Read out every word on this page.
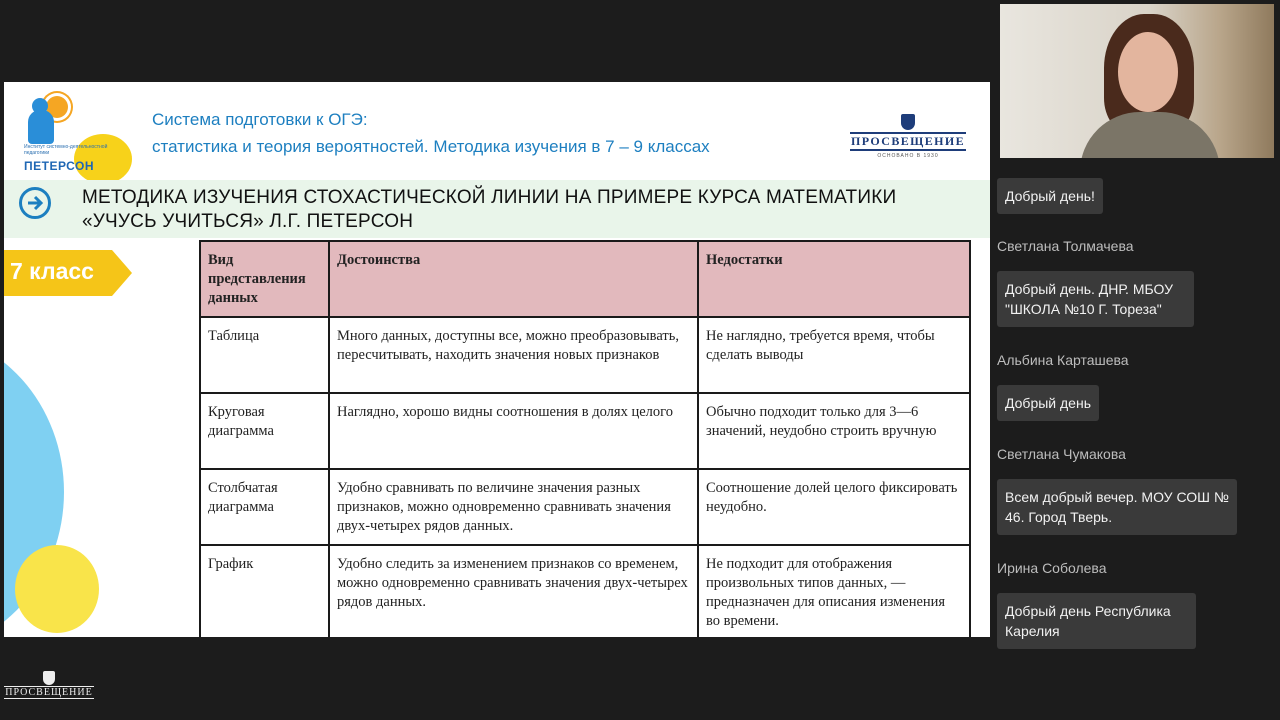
Институт системно-деятельностной педагогики
ПЕТЕРСОН
Система подготовки к ОГЭ:
статистика и теория вероятностей. Методика изучения в 7 – 9 классах	ПРОСВЕЩЕНИЕ
ОСНОВАНО В 1930
МЕТОДИКА ИЗУЧЕНИЯ СТОХАСТИЧЕСКОЙ ЛИНИИ НА ПРИМЕРЕ КУРСА МАТЕМАТИКИ
«УЧУСЬ УЧИТЬСЯ» Л.Г. ПЕТЕРСОН
7 класс	Вид представления данных	Достоинства	Недостатки
Таблица	Много данных, доступны все, можно преобразовывать, пересчитывать, находить значения новых признаков	Не наглядно, требуется время, чтобы сделать выводы
Круговая диаграмма	Наглядно, хорошо видны соотношения в долях целого	Обычно подходит только для 3—6 значений, неудобно строить вручную
Столбчатая диаграмма	Удобно сравнивать по величине значения разных признаков, можно одновременно сравнивать значения двух-четырех рядов данных.	Соотношение долей целого фиксировать неудобно.
График	Удобно следить за изменением признаков со временем, можно одновременно сравнивать значения двух-четырех рядов данных.	Не подходит для отображения произвольных типов данных, — предназначен для описания изменения во времени.
ПРОСВЕЩЕНИЕ
Добрый день!
Светлана Толмачева
Добрый день. ДНР. МБОУ "ШКОЛА №10 Г. Тореза"
Альбина Карташева
Добрый день
Светлана Чумакова
Всем добрый вечер. МОУ СОШ № 46. Город Тверь.
Ирина Соболева
Добрый день Республика Карелия
